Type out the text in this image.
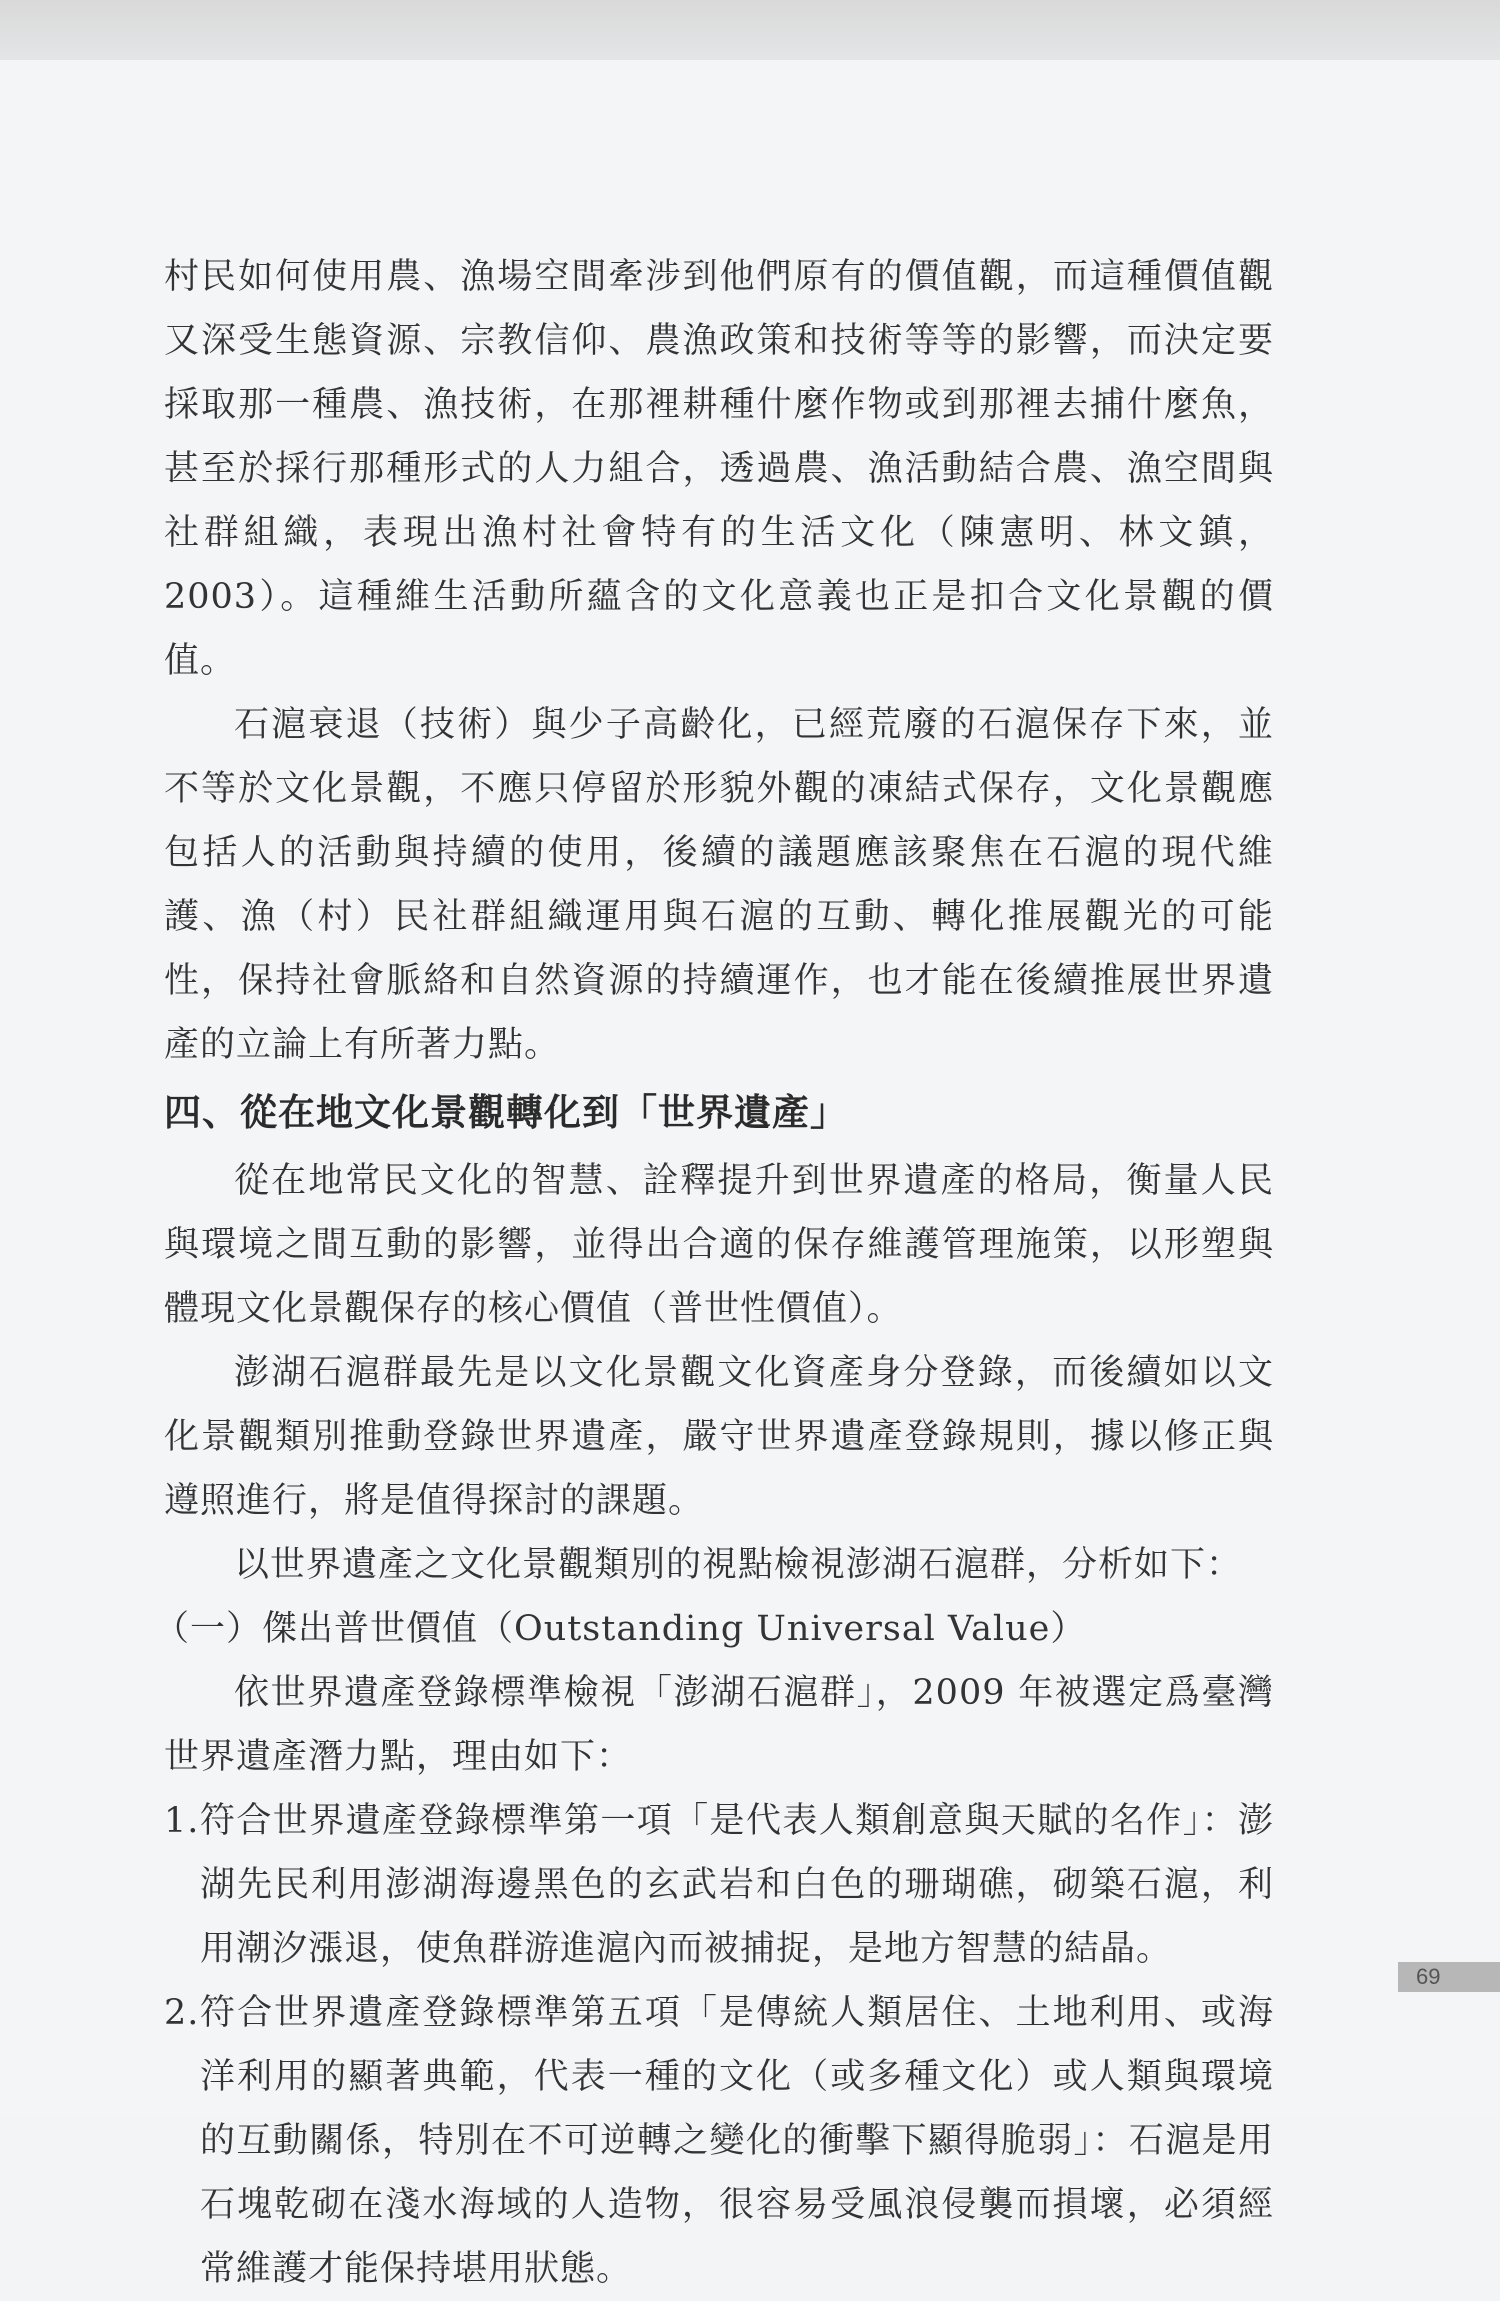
村民如何使用農、漁場空間牽涉到他們原有的價值觀，而這種價值觀又深受生態資源、宗教信仰、農漁政策和技術等等的影響，而決定要採取那一種農、漁技術，在那裡耕種什麼作物或到那裡去捕什麼魚，甚至於採行那種形式的人力組合，透過農、漁活動結合農、漁空間與社群組織，表現出漁村社會特有的生活文化（陳憲明、林文鎮，2003）。這種維生活動所蘊含的文化意義也正是扣合文化景觀的價值。

石滬衰退（技術）與少子高齡化，已經荒廢的石滬保存下來，並不等於文化景觀，不應只停留於形貌外觀的凍結式保存，文化景觀應包括人的活動與持續的使用，後續的議題應該聚焦在石滬的現代維護、漁（村）民社群組織運用與石滬的互動、轉化推展觀光的可能性，保持社會脈絡和自然資源的持續運作，也才能在後續推展世界遺產的立論上有所著力點。

四、從在地文化景觀轉化到「世界遺產」

從在地常民文化的智慧、詮釋提升到世界遺產的格局，衡量人民與環境之間互動的影響，並得出合適的保存維護管理施策，以形塑與體現文化景觀保存的核心價值（普世性價值）。

澎湖石滬群最先是以文化景觀文化資產身分登錄，而後續如以文化景觀類別推動登錄世界遺產，嚴守世界遺產登錄規則，據以修正與遵照進行，將是值得探討的課題。

以世界遺產之文化景觀類別的視點檢視澎湖石滬群，分析如下：

（一）傑出普世價值（Outstanding Universal Value）

依世界遺產登錄標準檢視「澎湖石滬群」，2009 年被選定爲臺灣世界遺產潛力點，理由如下：

1. 符合世界遺產登錄標準第一項「是代表人類創意與天賦的名作」：澎湖先民利用澎湖海邊黑色的玄武岩和白色的珊瑚礁，砌築石滬，利用潮汐漲退，使魚群游進滬內而被捕捉，是地方智慧的結晶。
2. 符合世界遺產登錄標準第五項「是傳統人類居住、土地利用、或海洋利用的顯著典範，代表一種的文化（或多種文化）或人類與環境的互動關係，特別在不可逆轉之變化的衝擊下顯得脆弱」：石滬是用石塊乾砌在淺水海域的人造物，很容易受風浪侵襲而損壞，必須經常維護才能保持堪用狀態。
69
